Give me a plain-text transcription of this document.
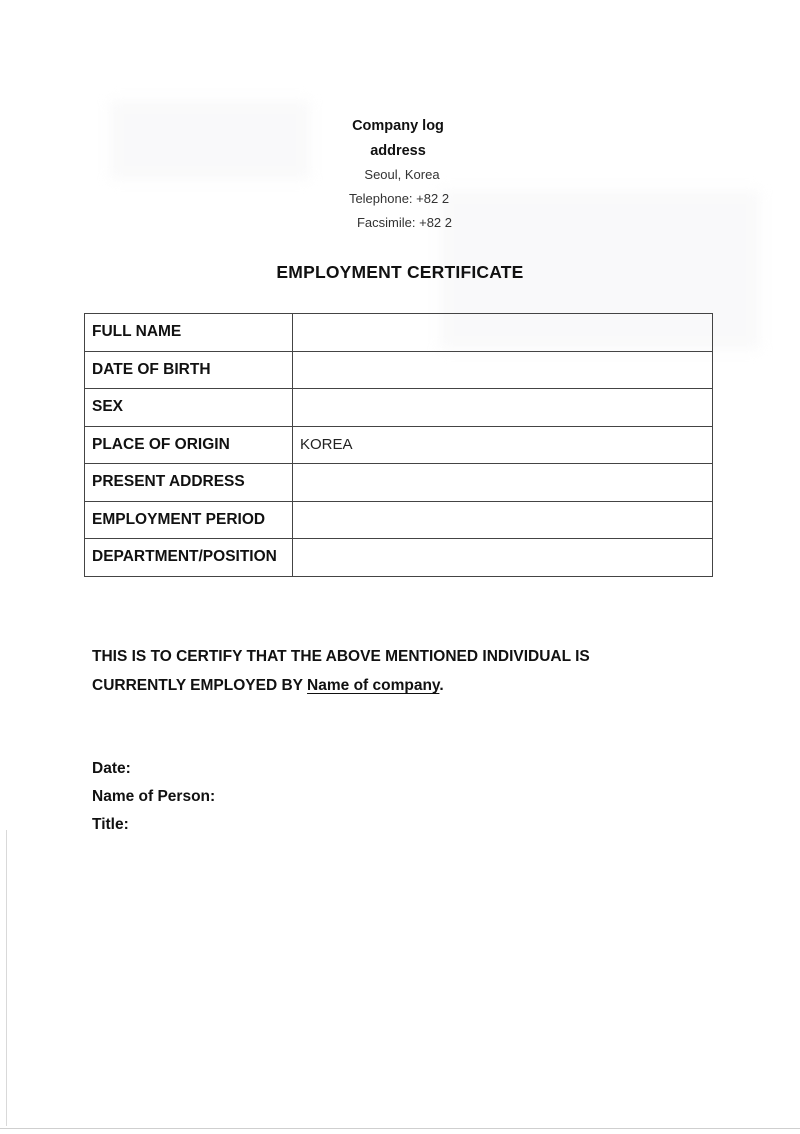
Company log
address
Seoul, Korea
Telephone: +82 2
Facsimile: +82 2
EMPLOYMENT CERTIFICATE
FULL NAME	
DATE OF BIRTH	
SEX	
PLACE OF ORIGIN	KOREA
PRESENT ADDRESS	
EMPLOYMENT PERIOD	
DEPARTMENT/POSITION	
THIS IS TO CERTIFY THAT THE ABOVE MENTIONED INDIVIDUAL IS
CURRENTLY EMPLOYED BY Name of company.
Date:
Name of Person:
Title:
